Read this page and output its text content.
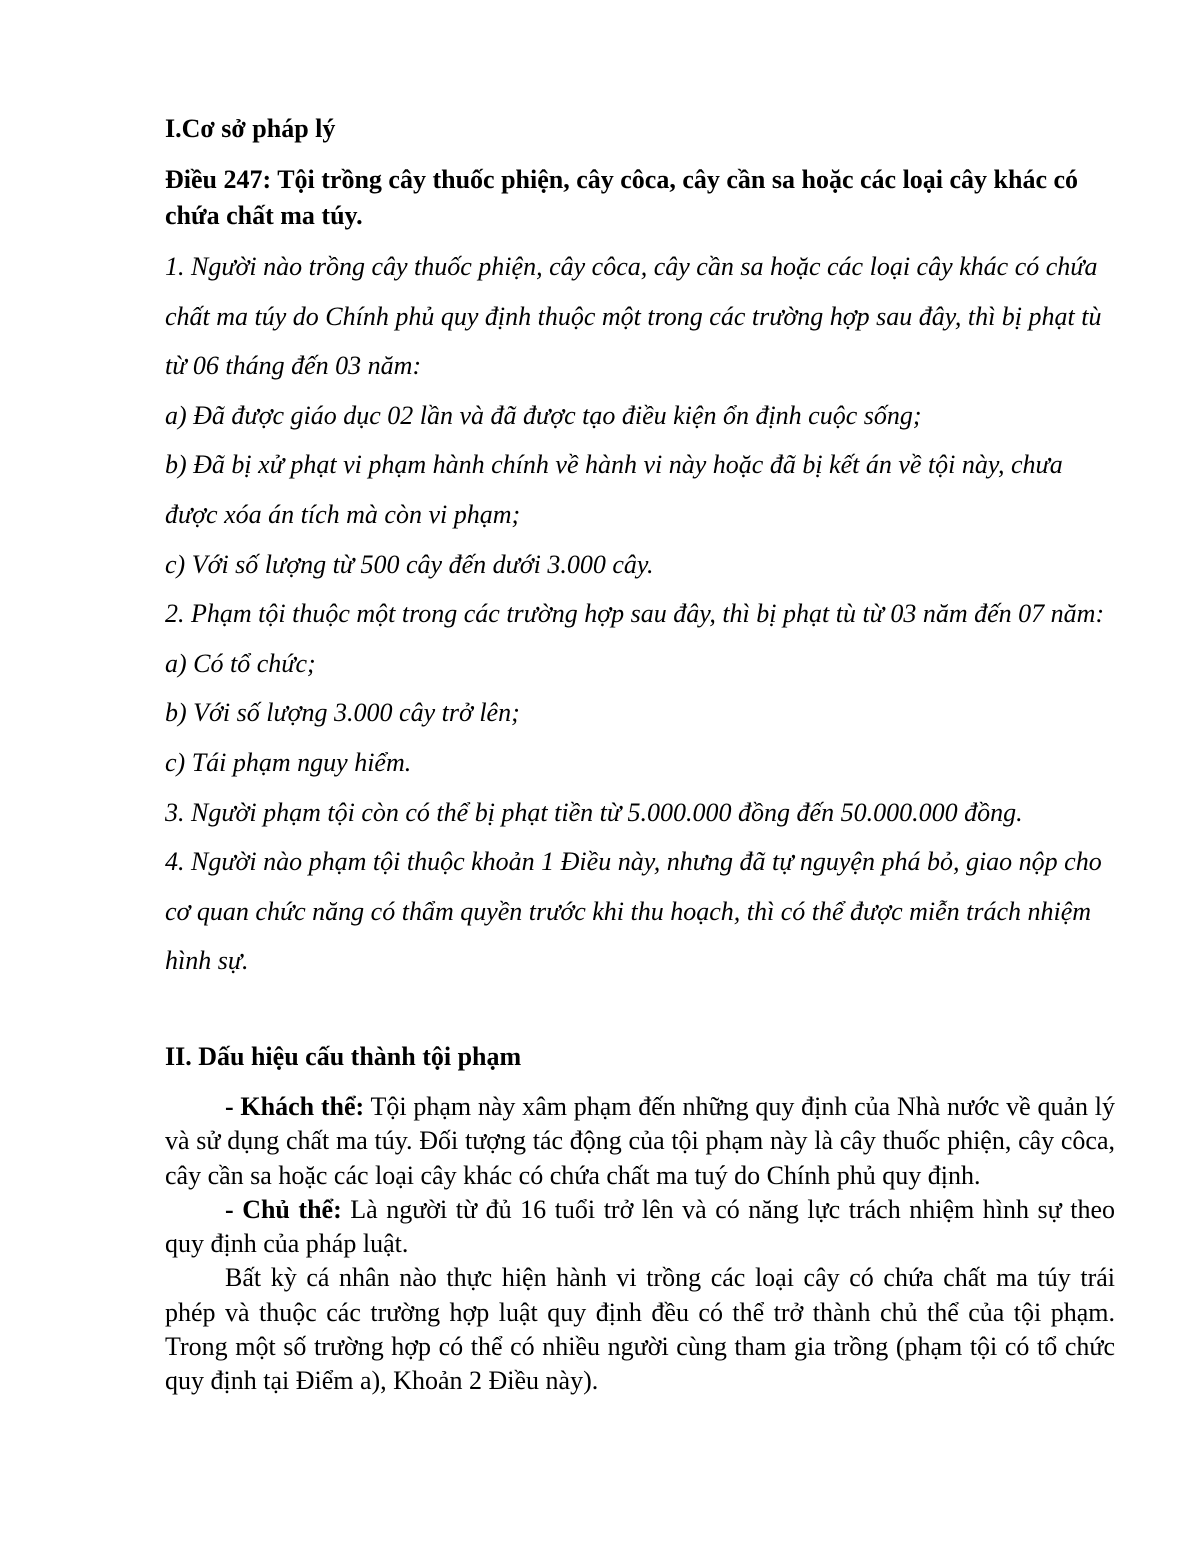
I.Cơ sở pháp lý
Điều 247: Tội trồng cây thuốc phiện, cây côca, cây cần sa hoặc các loại cây khác có chứa chất ma túy.

1. Người nào trồng cây thuốc phiện, cây côca, cây cần sa hoặc các loại cây khác có chứa chất ma túy do Chính phủ quy định thuộc một trong các trường hợp sau đây, thì bị phạt tù từ 06 tháng đến 03 năm:

a) Đã được giáo dục 02 lần và đã được tạo điều kiện ổn định cuộc sống;

b) Đã bị xử phạt vi phạm hành chính về hành vi này hoặc đã bị kết án về tội này, chưa được xóa án tích mà còn vi phạm;

c) Với số lượng từ 500 cây đến dưới 3.000 cây.

2. Phạm tội thuộc một trong các trường hợp sau đây, thì bị phạt tù từ 03 năm đến 07 năm:

a) Có tổ chức;

b) Với số lượng 3.000 cây trở lên;

c) Tái phạm nguy hiểm.

3. Người phạm tội còn có thể bị phạt tiền từ 5.000.000 đồng đến 50.000.000 đồng.

4. Người nào phạm tội thuộc khoản 1 Điều này, nhưng đã tự nguyện phá bỏ, giao nộp cho cơ quan chức năng có thẩm quyền trước khi thu hoạch, thì có thể được miễn trách nhiệm hình sự.

II. Dấu hiệu cấu thành tội phạm

- Khách thể: Tội phạm này xâm phạm đến những quy định của Nhà nước về quản lý và sử dụng chất ma túy. Đối tượng tác động của tội phạm này là cây thuốc phiện, cây côca, cây cần sa hoặc các loại cây khác có chứa chất ma tuý do Chính phủ quy định.

- Chủ thể: Là người từ đủ 16 tuổi trở lên và có năng lực trách nhiệm hình sự theo quy định của pháp luật.

Bất kỳ cá nhân nào thực hiện hành vi trồng các loại cây có chứa chất ma túy trái phép và thuộc các trường hợp luật quy định đều có thể trở thành chủ thể của tội phạm. Trong một số trường hợp có thể có nhiều người cùng tham gia trồng (phạm tội có tổ chức quy định tại Điểm a), Khoản 2 Điều này).
